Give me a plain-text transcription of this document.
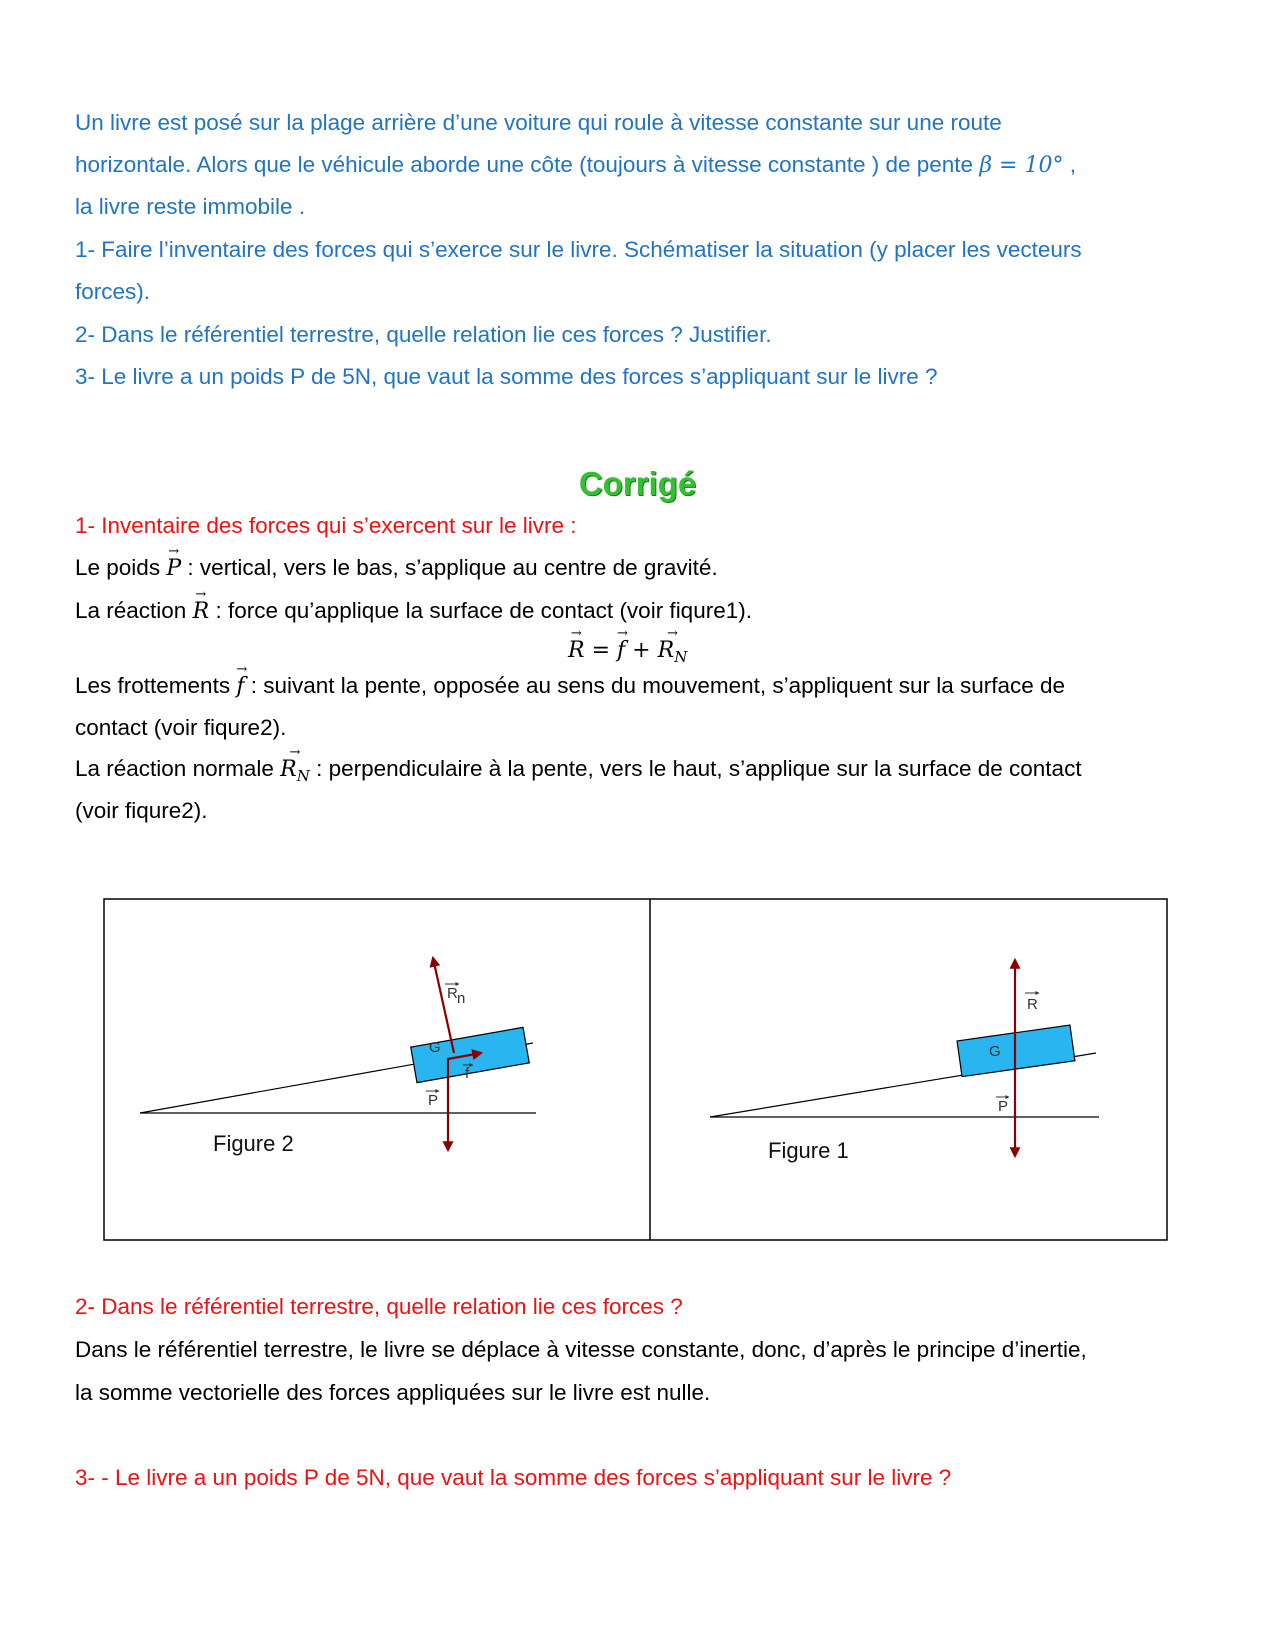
Un livre est posé sur la plage arrière d’une voiture qui roule à vitesse constante sur une route
horizontale. Alors que le véhicule aborde une côte (toujours à vitesse constante ) de pente β = 10° ,
la livre reste immobile .
1- Faire l’inventaire des forces qui s’exerce sur le livre. Schématiser la situation (y placer les vecteurs
forces).
2- Dans le référentiel terrestre, quelle relation lie ces forces ? Justifier.
3- Le livre a un poids P de 5N, que vaut la somme des forces s’appliquant sur le livre ?
Corrigé
1- Inventaire des forces qui s’exercent sur le livre :
Le poids → P : vertical, vers le bas, s’applique au centre de gravité.
La réaction → R : force qu’applique la surface de contact (voir fiqure1).
→ R = → f + → $R_N$
Les frottements → f : suivant la pente, opposée au sens du mouvement, s’appliquent sur la surface de
contact (voir fiqure2).
La réaction normale → $R_N$ : perpendiculaire à la pente, vers le haut, s’applique sur la surface de contact
(voir fiqure2).
G
R n
f
P
Figure 2
G
R
P
Figure 1
2- Dans le référentiel terrestre, quelle relation lie ces forces ?
Dans le référentiel terrestre, le livre se déplace à vitesse constante, donc, d’après le principe d’inertie,
la somme vectorielle des forces appliquées sur le livre est nulle.
3- - Le livre a un poids P de 5N, que vaut la somme des forces s’appliquant sur le livre ?
